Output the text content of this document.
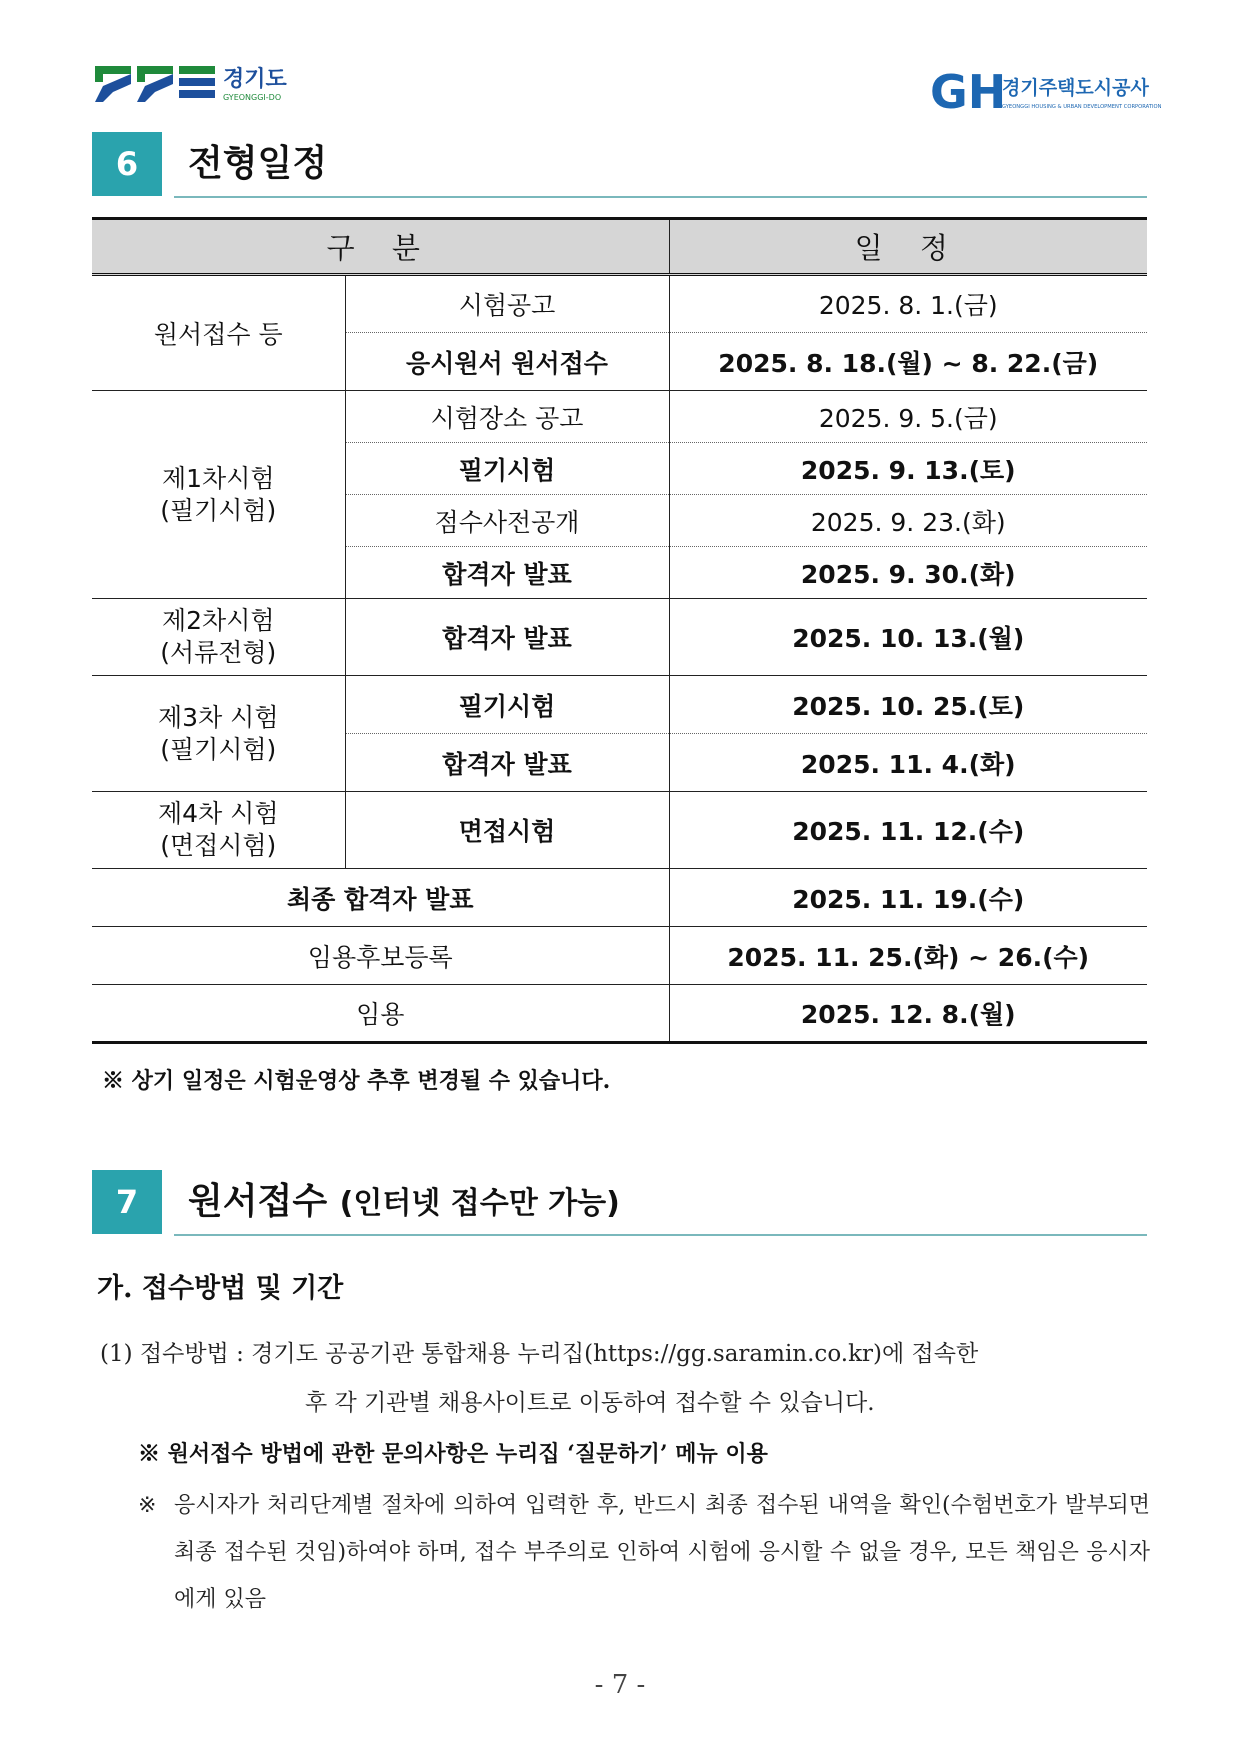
경기도
GYEONGGI-DO	GH
경기주택도시공사
GYEONGGI HOUSING & URBAN DEVELOPMENT CORPORATION
6	전형일정
구 분		일 정
원서접수 등	시험공고	2025. 8. 1.(금)
	응시원서 원서접수	2025. 8. 18.(월) ~ 8. 22.(금)

제1차시험
(필기시험)	시험장소 공고	2025. 9. 5.(금)
	필기시험	2025. 9. 13.(토)
	점수사전공개	2025. 9. 23.(화)
	합격자 발표	2025. 9. 30.(화)

제2차시험
(서류전형)	합격자 발표	2025. 10. 13.(월)

제3차 시험
(필기시험)	필기시험	2025. 10. 25.(토)
	합격자 발표	2025. 11. 4.(화)

제4차 시험
(면접시험)	면접시험	2025. 11. 12.(수)
최종 합격자 발표		2025. 11. 19.(수)
임용후보등록		2025. 11. 25.(화) ~ 26.(수)
임용		2025. 12. 8.(월)
※ 상기 일정은 시험운영상 추후 변경될 수 있습니다.
7	원서접수 (인터넷 접수만 가능)
가. 접수방법 및 기간
(1) 접수방법 : 경기도 공공기관 통합채용 누리집(https://gg.saramin.co.kr)에 접속한
후 각 기관별 채용사이트로 이동하여 접수할 수 있습니다.
※ 원서접수 방법에 관한 문의사항은 누리집 ‘질문하기’ 메뉴 이용
※ 응시자가 처리단계별 절차에 의하여 입력한 후, 반드시 최종 접수된 내역을 확인(수험번호가 발부되면 최종 접수된 것임)하여야 하며, 접수 부주의로 인하여 시험에 응시할 수 없을 경우, 모든 책임은 응시자에게 있음
- 7 -
